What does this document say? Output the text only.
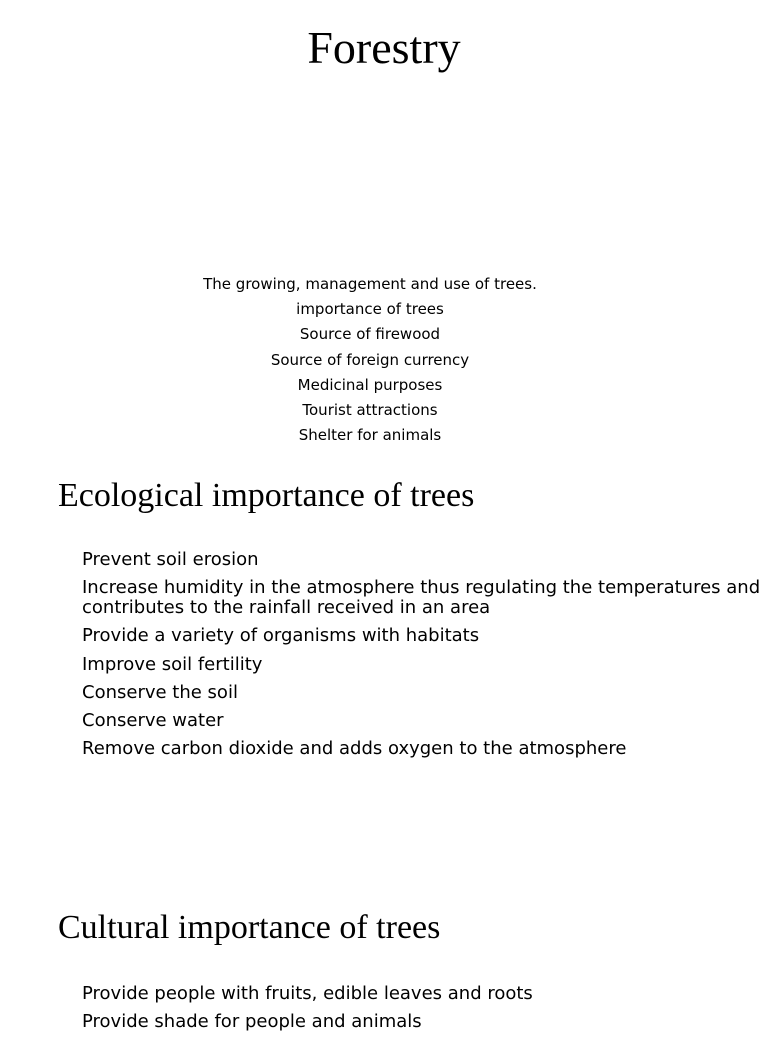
Forestry
The growing, management and use of trees.
importance of trees
Source of firewood
Source of foreign currency
Medicinal purposes
Tourist attractions
Shelter for animals
Ecological importance of trees
Prevent soil erosion
Increase humidity in the atmosphere thus regulating the temperatures and contributes to the rainfall received in an area
Provide a variety of organisms with habitats
Improve soil fertility
Conserve the soil
Conserve water
Remove carbon dioxide and adds oxygen to the atmosphere
Cultural importance of trees
Provide people with fruits, edible leaves and roots
Provide shade for people and animals
